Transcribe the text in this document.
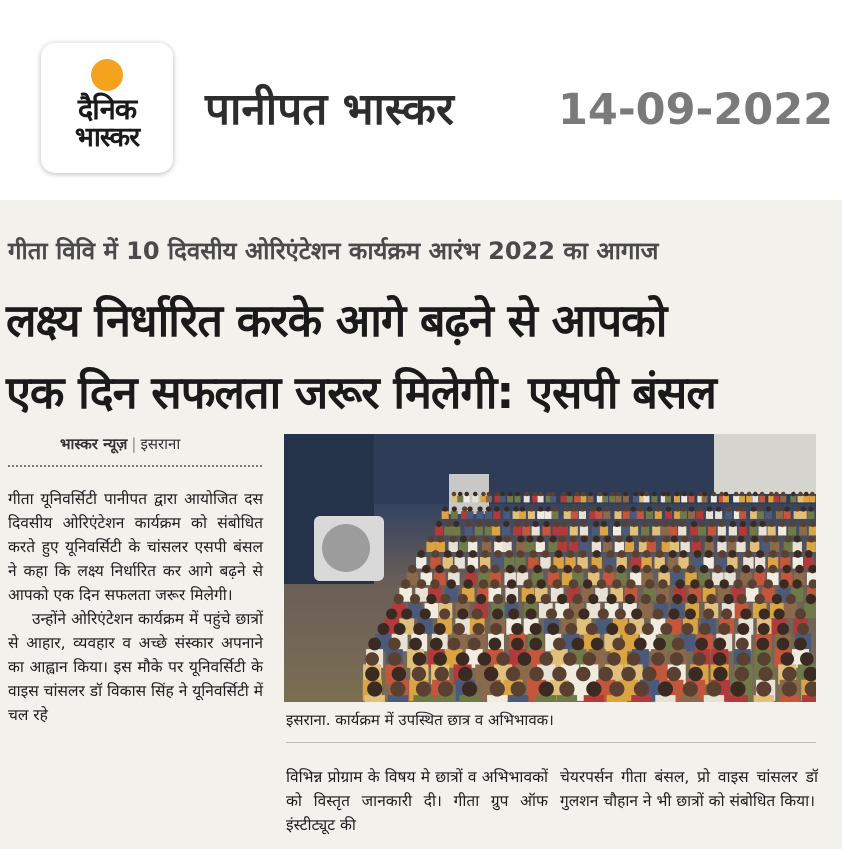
दैनिक
भास्कर
पानीपत भास्कर 14-09-2022
गीता विवि में 10 दिवसीय ओरिएंटेशन कार्यक्रम आरंभ 2022 का आगाज
लक्ष्य निर्धारित करके आगे बढ़ने से आपको
एक दिन सफलता जरूर मिलेगी: एसपी बंसल
भास्कर न्यूज़ | इसराना

गीता यूनिवर्सिटी पानीपत द्वारा आयोजित दस दिवसीय ओरिएंटेशन कार्यक्रम को संबोधित करते हुए यूनिवर्सिटी के चांसलर एसपी बंसल ने कहा कि लक्ष्य निर्धारित कर आगे बढ़ने से आपको एक दिन सफलता जरूर मिलेगी।

उन्होंने ओरिएंटेशन कार्यक्रम में पहुंचे छात्रों से आहार, व्यवहार व अच्छे संस्कार अपनाने का आह्वान किया। इस मौके पर यूनिवर्सिटी के वाइस चांसलर डॉ विकास सिंह ने यूनिवर्सिटी में चल रहे	इसराना. कार्यक्रम में उपस्थित छात्र व अभिभावक।

विभिन्न प्रोग्राम के विषय मे छात्रों व अभिभावकों को विस्तृत जानकारी दी। गीता ग्रुप ऑफ इंस्टीट्यूट की

चेयरपर्सन गीता बंसल, प्रो वाइस चांसलर डॉ गुलशन चौहान ने भी छात्रों को संबोधित किया।
